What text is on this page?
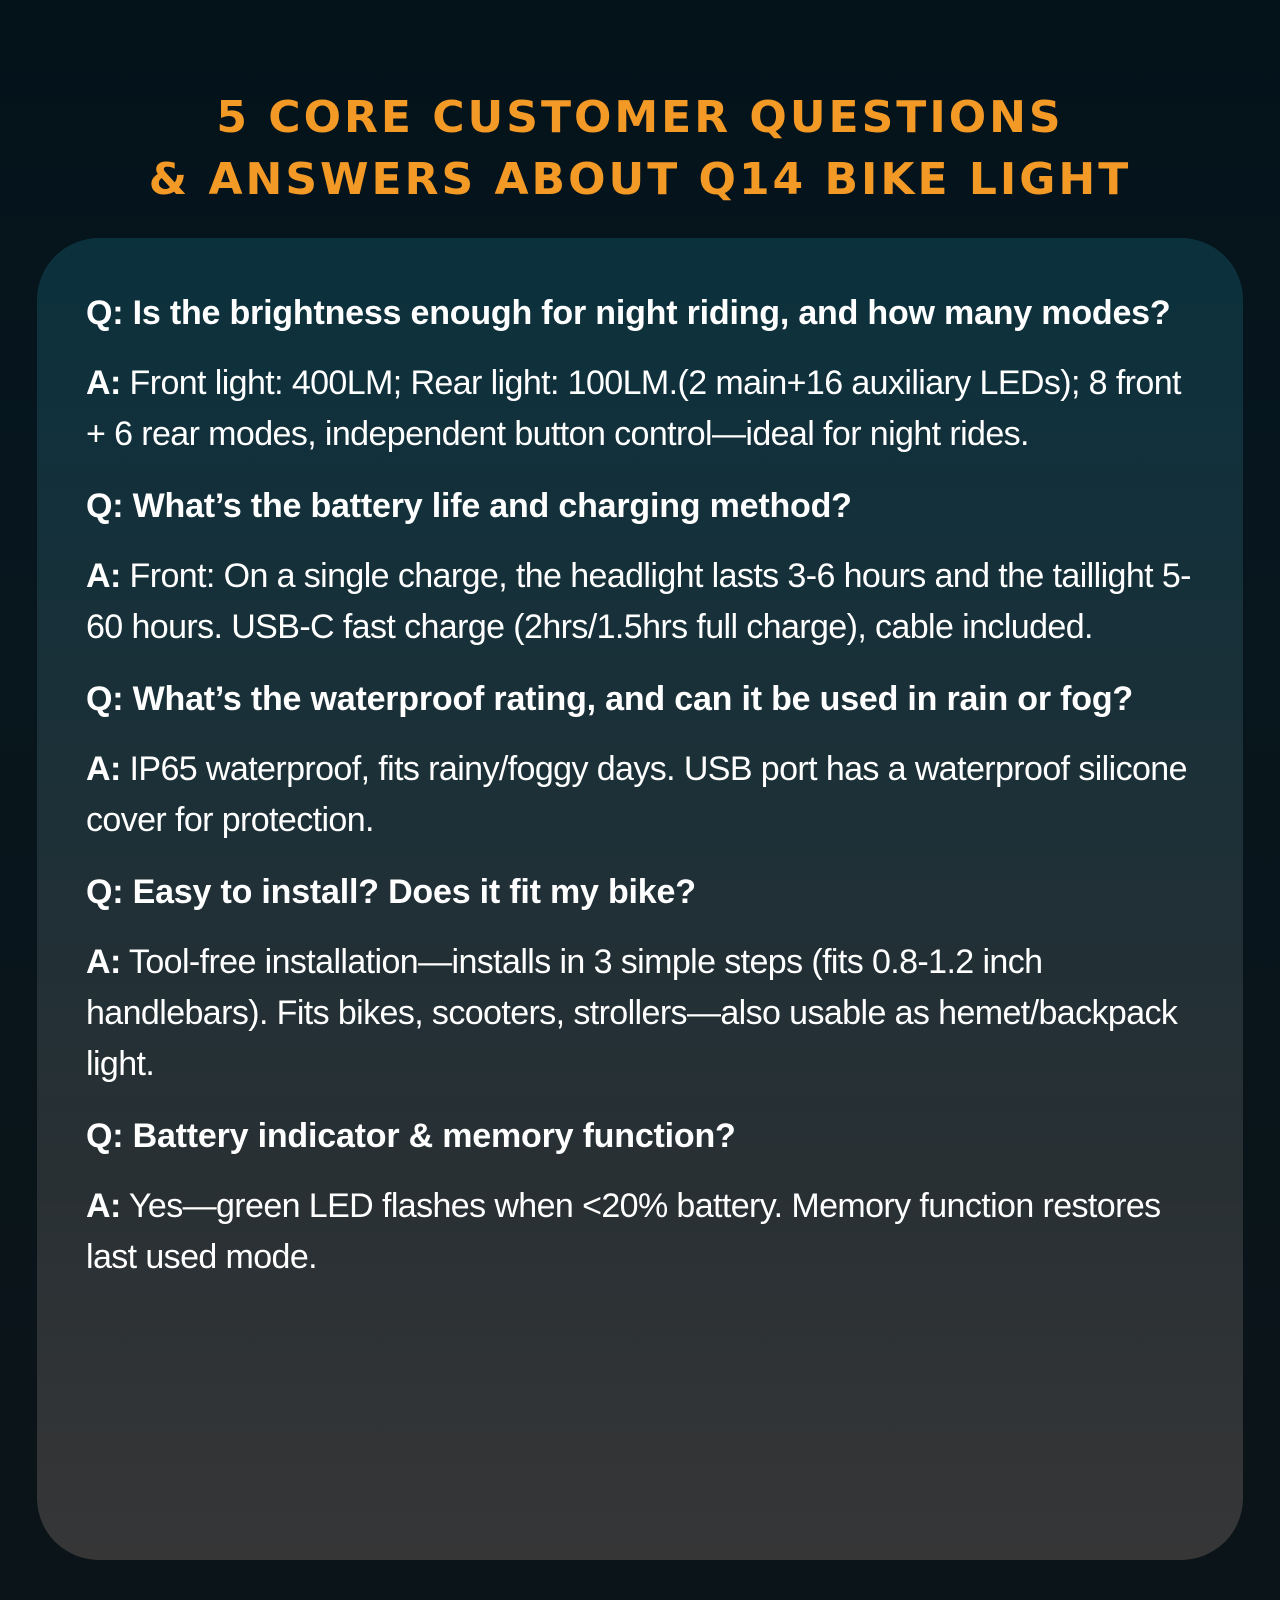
5 CORE CUSTOMER QUESTIONS
& ANSWERS ABOUT Q14 BIKE LIGHT

Q: Is the brightness enough for night riding, and how many modes?

A: Front light: 400LM; Rear light: 100LM.(2 main+16 auxiliary LEDs); 8 front + 6 rear modes, independent button control—ideal for night rides.

Q: What’s the battery life and charging method?

A: Front: On a single charge, the headlight lasts 3-6 hours and the taillight 5-60 hours. USB-C fast charge (2hrs/1.5hrs full charge), cable included.

Q: What’s the waterproof rating, and can it be used in rain or fog?

A: IP65 waterproof, fits rainy/foggy days. USB port has a waterproof silicone cover for protection.

Q: Easy to install? Does it fit my bike?

A: Tool-free installation—installs in 3 simple steps (fits 0.8-1.2 inch handlebars). Fits bikes, scooters, strollers—also usable as hemet/backpack light.

Q: Battery indicator & memory function?

A: Yes—green LED flashes when <20% battery. Memory function restores last used mode.
